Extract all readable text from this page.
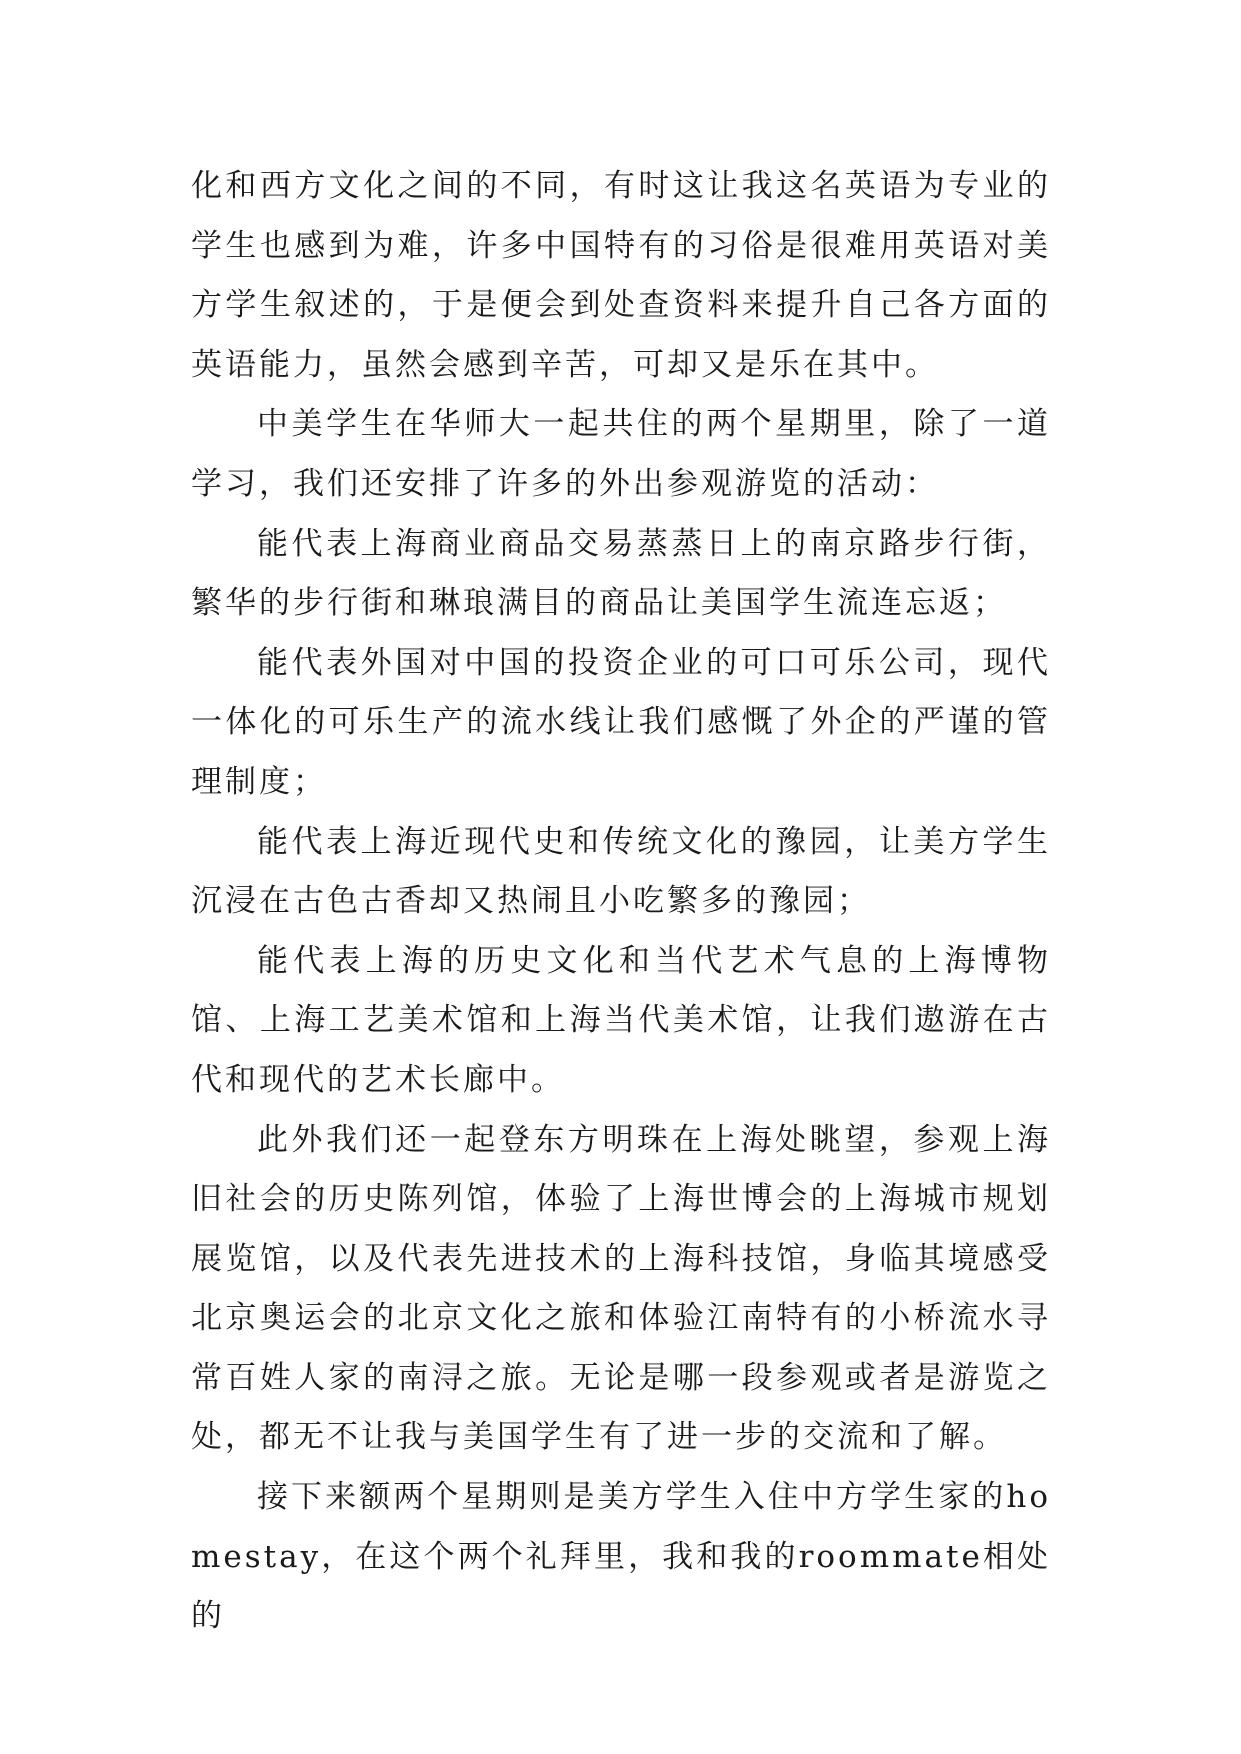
化和西方文化之间的不同，有时这让我这名英语为专业的学生也感到为难，许多中国特有的习俗是很难用英语对美方学生叙述的，于是便会到处查资料来提升自己各方面的英语能力，虽然会感到辛苦，可却又是乐在其中。

中美学生在华师大一起共住的两个星期里，除了一道学习，我们还安排了许多的外出参观游览的活动：

能代表上海商业商品交易蒸蒸日上的南京路步行街，繁华的步行街和琳琅满目的商品让美国学生流连忘返；

能代表外国对中国的投资企业的可口可乐公司，现代一体化的可乐生产的流水线让我们感慨了外企的严谨的管理制度；

能代表上海近现代史和传统文化的豫园，让美方学生沉浸在古色古香却又热闹且小吃繁多的豫园；

能代表上海的历史文化和当代艺术气息的上海博物馆、上海工艺美术馆和上海当代美术馆，让我们遨游在古代和现代的艺术长廊中。

此外我们还一起登东方明珠在上海处眺望，参观上海旧社会的历史陈列馆，体验了上海世博会的上海城市规划展览馆，以及代表先进技术的上海科技馆，身临其境感受北京奥运会的北京文化之旅和体验江南特有的小桥流水寻常百姓人家的南浔之旅。无论是哪一段参观或者是游览之处，都无不让我与美国学生有了进一步的交流和了解。

接下来额两个星期则是美方学生入住中方学生家的homestay，在这个两个礼拜里，我和我的roommate相处的
